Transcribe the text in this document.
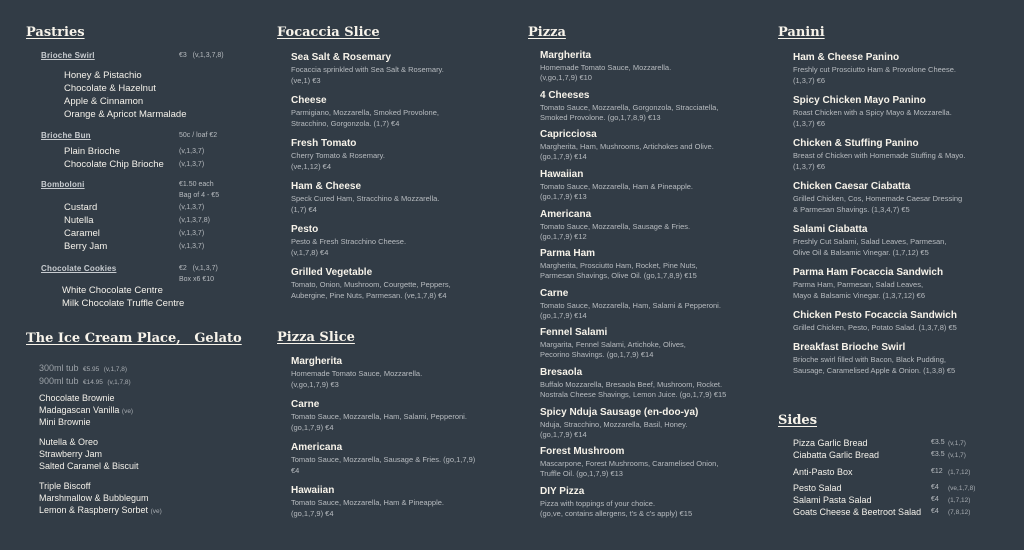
Pastries
Brioche Swirl	€3 (v,1,3,7,8)
Honey & Pistachio
Chocolate & Hazelnut
Apple & Cinnamon
Orange & Apricot Marmalade
Brioche Bun	50c / loaf €2
Plain Brioche	(v,1,3,7)
Chocolate Chip Brioche (v,1,3,7)
Bomboloni	€1.50 each
Bag of 4 - €5
Custard	(v,1,3,7)
Nutella	(v,1,3,7,8)
Caramel	(v,1,3,7)
Berry Jam	(v,1,3,7)
Chocolate Cookies	€2 (v,1,3,7)
Box x6 €10
White Chocolate Centre
Milk Chocolate Truffle Centre
The Ice Cream Place,   Gelato
300ml tub €5.95 (v,1,7,8)
900ml tub €14.95 (v,1,7,8)
Chocolate Brownie
Madagascan Vanilla (ve)
Mini Brownie
Nutella & Oreo
Strawberry Jam
Salted Caramel & Biscuit
Triple Biscoff
Marshmallow & Bubblegum
Lemon & Raspberry Sorbet (ve)
Focaccia Slice
Sea Salt & Rosemary
Focaccia sprinkled with Sea Salt & Rosemary.
(ve,1) €3
Cheese
Parmigiano, Mozzarella, Smoked Provolone,
Stracchino, Gorgonzola. (1,7) €4
Fresh Tomato
Cherry Tomato & Rosemary.
(ve,1,12) €4
Ham & Cheese
Speck Cured Ham, Stracchino & Mozzarella.
(1,7) €4
Pesto
Pesto & Fresh Stracchino Cheese.
(v,1,7,8) €4
Grilled Vegetable
Tomato, Onion, Mushroom, Courgette, Peppers,
Aubergine, Pine Nuts, Parmesan. (ve,1,7,8) €4
Pizza Slice
Margherita
Homemade Tomato Sauce, Mozzarella.
(v,go,1,7,9) €3
Carne
Tomato Sauce, Mozzarella, Ham, Salami, Pepperoni.
(go,1,7,9) €4
Americana
Tomato Sauce, Mozzarella, Sausage & Fries. (go,1,7,9)
€4
Hawaiian
Tomato Sauce, Mozzarella, Ham & Pineapple.
(go,1,7,9) €4
Pizza
Margherita
Homemade Tomato Sauce, Mozzarella.
(v,go,1,7,9) €10
4 Cheeses
Tomato Sauce, Mozzarella, Gorgonzola, Stracciatella,
Smoked Provolone. (go,1,7,8,9) €13
Capricciosa
Margherita, Ham, Mushrooms, Artichokes and Olive.
(go,1,7,9) €14
Hawaiian
Tomato Sauce, Mozzarella, Ham & Pineapple.
(go,1,7,9) €13
Americana
Tomato Sauce, Mozzarella, Sausage & Fries.
(go,1,7,9) €12
Parma Ham
Margherita, Prosciutto Ham, Rocket, Pine Nuts,
Parmesan Shavings, Olive Oil. (go,1,7,8,9) €15
Carne
Tomato Sauce, Mozzarella, Ham, Salami & Pepperoni.
(go,1,7,9) €14
Fennel Salami
Margarita, Fennel Salami, Artichoke, Olives,
Pecorino Shavings. (go,1,7,9) €14
Bresaola
Buffalo Mozzarella, Bresaola Beef, Mushroom, Rocket.
Nostrala Cheese Shavings, Lemon Juice. (go,1,7,9) €15
Spicy Nduja Sausage (en-doo-ya)
Nduja, Stracchino, Mozzarella, Basil, Honey.
(go,1,7,9) €14
Forest Mushroom
Mascarpone, Forest Mushrooms, Caramelised Onion,
Truffle Oil. (go,1,7,9) €13
DIY Pizza
Pizza with toppings of your choice.
(go,ve, contains allergens, t's & c's apply) €15
Panini
Ham & Cheese Panino
Freshly cut Prosciutto Ham & Provolone Cheese.
(1,3,7) €6
Spicy Chicken Mayo Panino
Roast Chicken with a Spicy Mayo & Mozzarella.
(1,3,7) €6
Chicken & Stuffing Panino
Breast of Chicken with Homemade Stuffing & Mayo.
(1,3,7) €6
Chicken Caesar Ciabatta
Grilled Chicken, Cos, Homemade Caesar Dressing
& Parmesan Shavings. (1,3,4,7) €5
Salami Ciabatta
Freshly Cut Salami, Salad Leaves, Parmesan,
Olive Oil & Balsamic Vinegar. (1,7,12) €5
Parma Ham Focaccia Sandwich
Parma Ham, Parmesan, Salad Leaves,
Mayo & Balsamic Vinegar. (1,3,7,12) €6
Chicken Pesto Focaccia Sandwich
Grilled Chicken, Pesto, Potato Salad. (1,3,7,8) €5
Breakfast Brioche Swirl
Brioche swirl filled with Bacon, Black Pudding,
Sausage, Caramelised Apple & Onion. (1,3,8) €5
Sides
Pizza Garlic Bread	€3.5 (v,1,7)
Ciabatta Garlic Bread	€3.5 (v,1,7)
Anti-Pasto Box	€12 (1,7,12)
Pesto Salad	€4 (ve,1,7,8)
Salami Pasta Salad	€4 (1,7,12)
Goats Cheese & Beetroot Salad €4 (7,8,12)
